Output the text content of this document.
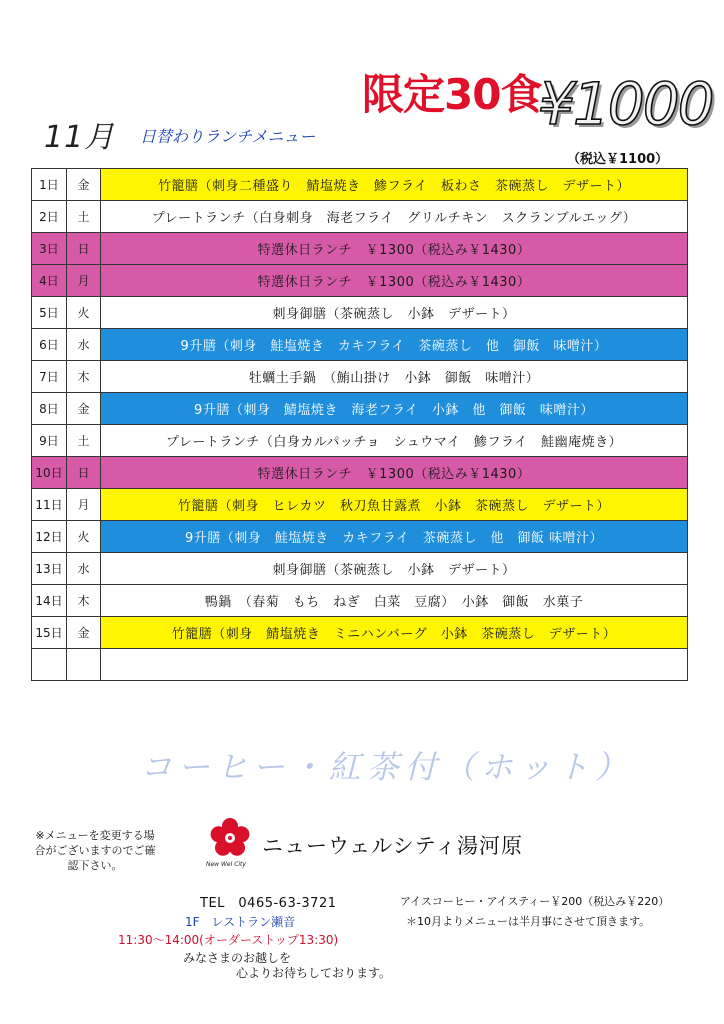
11月 日替わりランチメニュー
限定30食
¥1000
（税込￥1100）
1日	金	竹籠膳（刺身二種盛り　鯖塩焼き　鯵フライ　板わさ　茶碗蒸し　デザート）
2日	土	プレートランチ（白身刺身　海老フライ　グリルチキン　スクランブルエッグ）
3日	日	特選休日ランチ　￥1300（税込み￥1430）
4日	月	特選休日ランチ　￥1300（税込み￥1430）
5日	火	刺身御膳（茶碗蒸し　小鉢　デザート）
6日	水	9升膳（刺身　鮭塩焼き　カキフライ　茶碗蒸し　他　御飯　味噌汁）
7日	木	牡蠣土手鍋　（鮪山掛け　小鉢　御飯　味噌汁）
8日	金	9升膳（刺身　鯖塩焼き　海老フライ　小鉢　他　御飯　味噌汁）
9日	土	プレートランチ（白身カルパッチョ　シュウマイ　鯵フライ　鮭幽庵焼き）
10日	日	特選休日ランチ　￥1300（税込み￥1430）
11日	月	竹籠膳（刺身　ヒレカツ　秋刀魚甘露煮　小鉢　茶碗蒸し　デザート）
12日	火	9升膳（刺身　鮭塩焼き　カキフライ　茶碗蒸し　他　御飯 味噌汁）
13日	水	刺身御膳（茶碗蒸し　小鉢　デザート）
14日	木	鴨鍋　（春菊　もち　ねぎ　白菜　豆腐）　小鉢　御飯　水菓子
15日	金	竹籠膳（刺身　鯖塩焼き　ミニハンバーグ　小鉢　茶碗蒸し　デザート）

コーヒー・紅茶付（ホット）
※メニューを変更する場合がございますのでご確認下さい。	New Wel City
ニューウェルシティ湯河原
TEL　0465-63-3721
1F　レストラン瀬音
11:30～14:00(オーダーストップ13:30)
みなさまのお越しを
心よりお待ちしております。
アイスコーヒー・アイスティー￥200（税込み￥220）
＊10月よりメニューは半月事にさせて頂きます。
